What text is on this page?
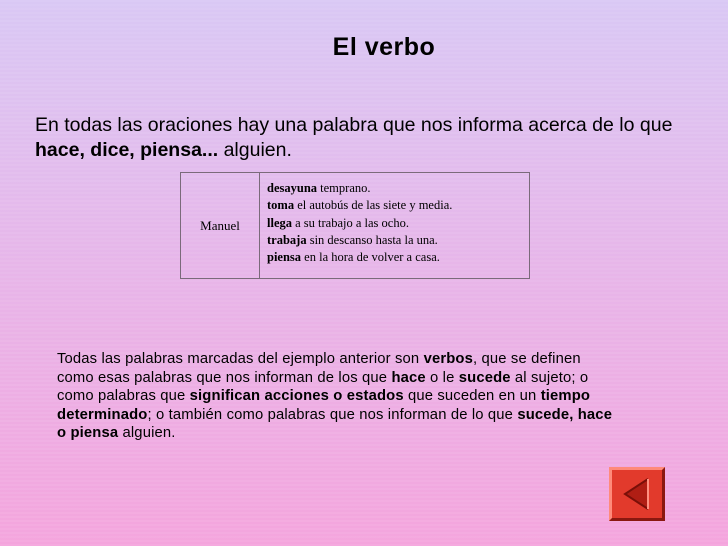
El verbo
En todas las oraciones hay una palabra que nos informa acerca de lo que hace, dice, piensa... alguien.
Manuel
desayuna temprano.
toma el autobús de las siete y media.
llega a su trabajo a las ocho.
trabaja sin descanso hasta la una.
piensa en la hora de volver a casa.
Todas las palabras marcadas del ejemplo anterior son verbos, que se definen como esas palabras que nos informan de los que hace o le sucede al sujeto; o como palabras que significan acciones o estados que suceden en un tiempo determinado; o también como palabras que nos informan de lo que sucede, hace o piensa alguien.
